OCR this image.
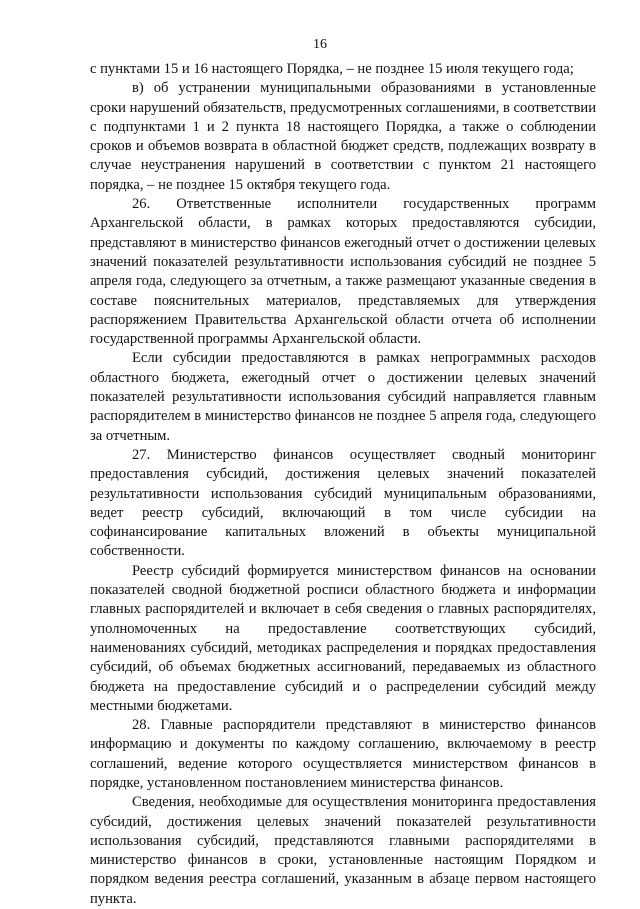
16

с пунктами 15 и 16 настоящего Порядка, – не позднее 15 июля текущего года;

в) об устранении муниципальными образованиями в установленные сроки нарушений обязательств, предусмотренных соглашениями, в соответствии с подпунктами 1 и 2 пункта 18 настоящего Порядка, а также о соблюдении сроков и объемов возврата в областной бюджет средств, подлежащих возврату в случае неустранения нарушений в соответствии с пунктом 21 настоящего порядка, – не позднее 15 октября текущего года.

26. Ответственные исполнители государственных программ Архангельской области, в рамках которых предоставляются субсидии, представляют в министерство финансов ежегодный отчет о достижении целевых значений показателей результативности использования субсидий не позднее 5 апреля года, следующего за отчетным, а также размещают указанные сведения в составе пояснительных материалов, представляемых для утверждения распоряжением Правительства Архангельской области отчета об исполнении государственной программы Архангельской области.

Если субсидии предоставляются в рамках непрограммных расходов областного бюджета, ежегодный отчет о достижении целевых значений показателей результативности использования субсидий направляется главным распорядителем в министерство финансов не позднее 5 апреля года, следующего за отчетным.

27. Министерство финансов осуществляет сводный мониторинг предоставления субсидий, достижения целевых значений показателей результативности использования субсидий муниципальным образованиями, ведет реестр субсидий, включающий в том числе субсидии на софинансирование капитальных вложений в объекты муниципальной собственности.

Реестр субсидий формируется министерством финансов на основании показателей сводной бюджетной росписи областного бюджета и информации главных распорядителей и включает в себя сведения о главных распорядителях, уполномоченных на предоставление соответствующих субсидий, наименованиях субсидий, методиках распределения и порядках предоставления субсидий, об объемах бюджетных ассигнований, передаваемых из областного бюджета на предоставление субсидий и о распределении субсидий между местными бюджетами.

28. Главные распорядители представляют в министерство финансов информацию и документы по каждому соглашению, включаемому в реестр соглашений, ведение которого осуществляется министерством финансов в порядке, установленном постановлением министерства финансов.

Сведения, необходимые для осуществления мониторинга предоставления субсидий, достижения целевых значений показателей результативности использования субсидий, представляются главными распорядителями в министерство финансов в сроки, установленные настоящим Порядком и порядком ведения реестра соглашений, указанным в абзаце первом настоящего пункта.
